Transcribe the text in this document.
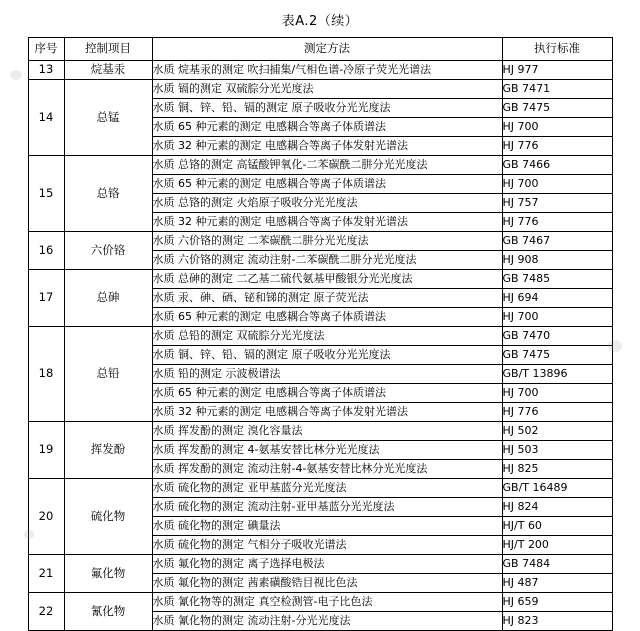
表A.2（续）
序号	控制项目	测定方法	执行标准
13	烷基汞	水质 烷基汞的测定 吹扫捕集/气相色谱-冷原子荧光光谱法	HJ 977
14	总锰	水质 镉的测定 双硫腙分光光度法	GB 7471
		水质 铜、锌、铅、镉的测定 原子吸收分光光度法	GB 7475
		水质 65 种元素的测定 电感耦合等离子体质谱法	HJ 700
		水质 32 种元素的测定 电感耦合等离子体发射光谱法	HJ 776
15	总铬	水质 总铬的测定 高锰酸钾氧化-二苯碳酰二肼分光光度法	GB 7466
		水质 65 种元素的测定 电感耦合等离子体质谱法	HJ 700
		水质 总铬的测定 火焰原子吸收分光光度法	HJ 757
		水质 32 种元素的测定 电感耦合等离子体发射光谱法	HJ 776
16	六价铬	水质 六价铬的测定 二苯碳酰二肼分光光度法	GB 7467
		水质 六价铬的测定 流动注射-二苯碳酰二肼分光光度法	HJ 908
17	总砷	水质 总砷的测定 二乙基二硫代氨基甲酸银分光光度法	GB 7485
		水质 汞、砷、硒、铋和锑的测定 原子荧光法	HJ 694
		水质 65 种元素的测定 电感耦合等离子体质谱法	HJ 700
18	总铅	水质 总铅的测定 双硫腙分光光度法	GB 7470
		水质 铜、锌、铅、镉的测定 原子吸收分光光度法	GB 7475
		水质 铅的测定 示波极谱法	GB/T 13896
		水质 65 种元素的测定 电感耦合等离子体质谱法	HJ 700
		水质 32 种元素的测定 电感耦合等离子体发射光谱法	HJ 776
19	挥发酚	水质 挥发酚的测定 溴化容量法	HJ 502
		水质 挥发酚的测定 4-氨基安替比林分光光度法	HJ 503
		水质 挥发酚的测定 流动注射-4-氨基安替比林分光光度法	HJ 825
20	硫化物	水质 硫化物的测定 亚甲基蓝分光光度法	GB/T 16489
		水质 硫化物的测定 流动注射-亚甲基蓝分光光度法	HJ 824
		水质 硫化物的测定 碘量法	HJ/T 60
		水质 硫化物的测定 气相分子吸收光谱法	HJ/T 200
21	氟化物	水质 氟化物的测定 离子选择电极法	GB 7484
		水质 氟化物的测定 茜素磺酸锆目视比色法	HJ 487
22	氰化物	水质 氰化物等的测定 真空检测管-电子比色法	HJ 659
		水质 氰化物的测定 流动注射-分光光度法	HJ 823
